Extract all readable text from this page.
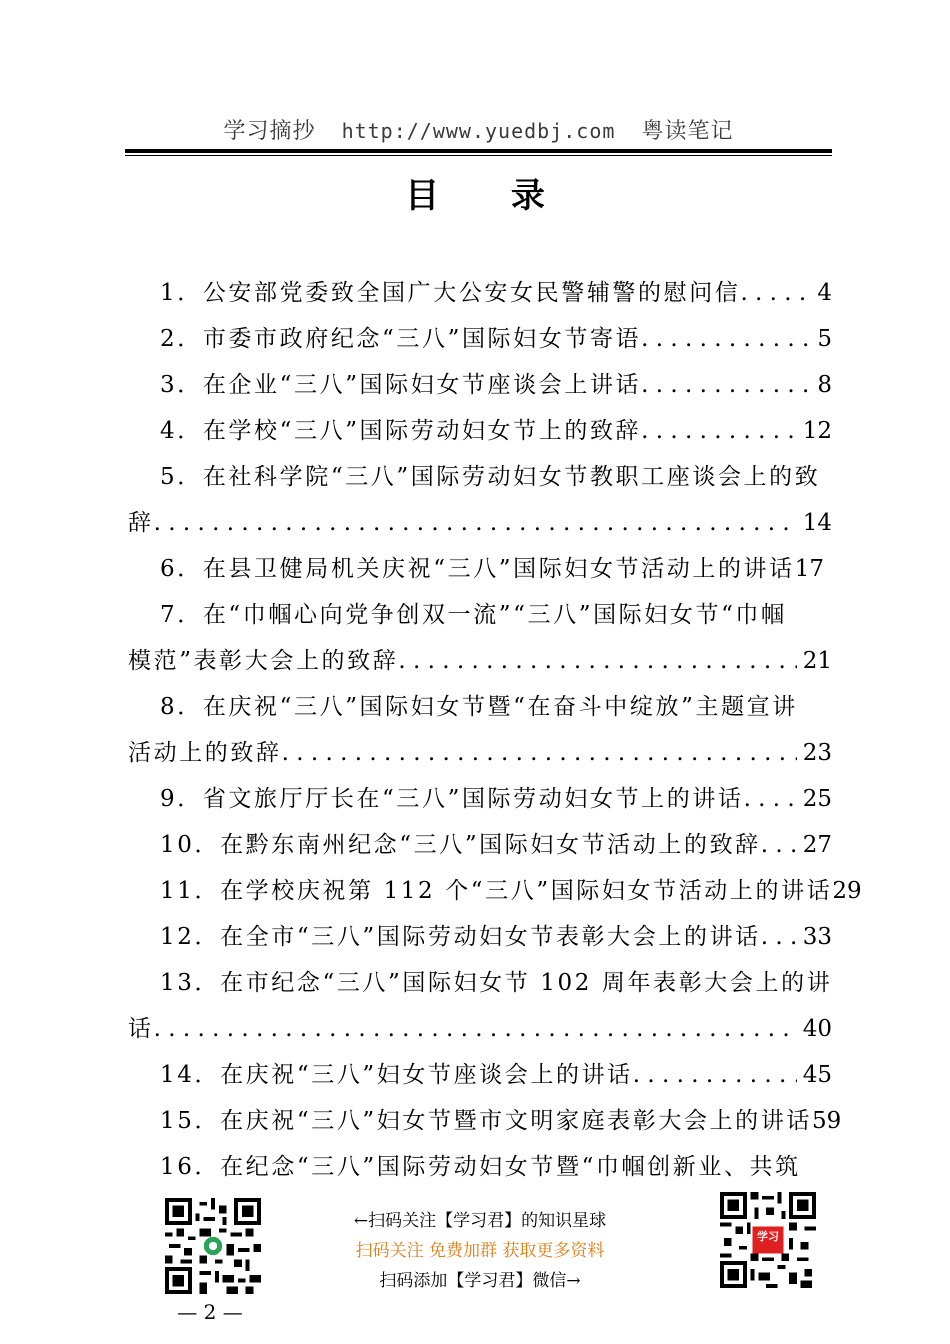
学习摘抄 http://www.yuedbj.com 粤读笔记
目 录
1．公安部党委致全国广大公安女民警辅警的慰问信 . . .	4
2．市委市政府纪念“三八”国际妇女节寄语 . . .	5
3．在企业“三八”国际妇女节座谈会上讲话 . . .	8
4．在学校“三八”国际劳动妇女节上的致辞 . . .	12
5．在社科学院“三八”国际劳动妇女节教职工座谈会上的致
辞 . . .	14
6．在县卫健局机关庆祝“三八”国际妇女节活动上的讲话 17
7．在“巾帼心向党争创双一流”“三八”国际妇女节“巾帼
模范”表彰大会上的致辞 . . .	21
8．在庆祝“三八”国际妇女节暨“在奋斗中绽放”主题宣讲
活动上的致辞 . . .	23
9．省文旅厅厅长在“三八”国际劳动妇女节上的讲话 . . .	25
10．在黔东南州纪念“三八”国际妇女节活动上的致辞 . . . 27
11．在学校庆祝第 112 个“三八”国际妇女节活动上的讲话 29
12．在全市“三八”国际劳动妇女节表彰大会上的讲话 . . . 33
13．在市纪念“三八”国际妇女节 102 周年表彰大会上的讲
话 . . .	40
14．在庆祝“三八”妇女节座谈会上的讲话 . . .	45
15．在庆祝“三八”妇女节暨市文明家庭表彰大会上的讲话 59
16．在纪念“三八”国际劳动妇女节暨“巾帼创新业、共筑
←扫码关注【学习君】的知识星球
扫码关注 免费加群 获取更多资料
扫码添加【学习君】微信→
学习
— 2 —
